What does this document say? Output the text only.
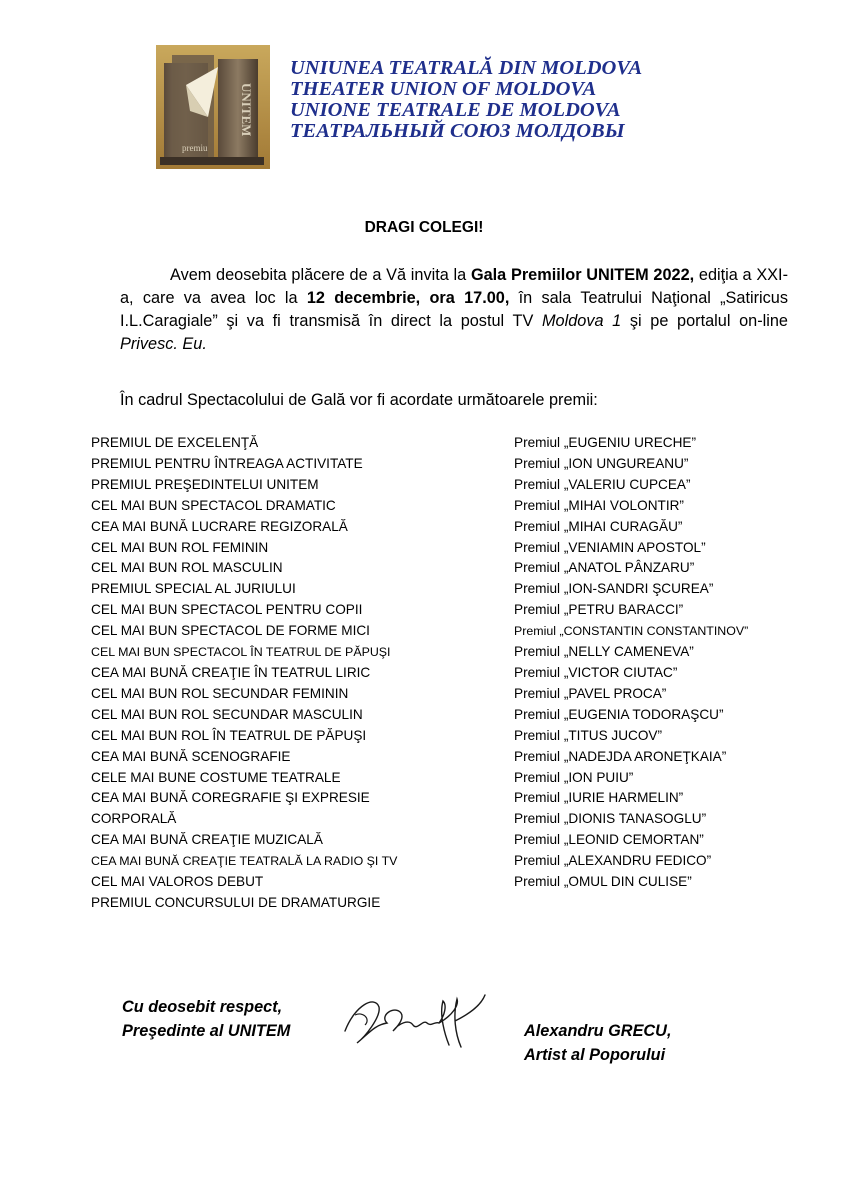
UNITEM
premiu
UNIUNEA TEATRALĂ DIN MOLDOVA
THEATER UNION OF MOLDOVA
UNIONE TEATRALE DE MOLDOVA
ТЕАТРАЛЬНЫЙ СОЮЗ МОЛДОВЫ
DRAGI COLEGI!
Avem deosebita plăcere de a Vă invita la Gala Premiilor UNITEM 2022, ediţia a XXI-a, care va avea loc la 12 decembrie, ora 17.00, în sala Teatrului Naţional „Satiricus I.L.Caragiale” şi va fi transmisă în direct la postul TV Moldova 1 şi pe portalul on-line Privesc. Eu.
În cadrul Spectacolului de Gală vor fi acordate următoarele premii:

PREMIUL DE EXCELENŢĂ

PREMIUL PENTRU ÎNTREAGA ACTIVITATE

PREMIUL PREŞEDINTELUI UNITEM

CEL MAI BUN SPECTACOL DRAMATIC

CEA MAI BUNĂ LUCRARE REGIZORALĂ

CEL MAI BUN ROL FEMININ

CEL MAI BUN ROL MASCULIN

PREMIUL SPECIAL AL JURIULUI

CEL MAI BUN SPECTACOL PENTRU COPII

CEL MAI BUN SPECTACOL DE FORME MICI

CEL MAI BUN SPECTACOL ÎN TEATRUL DE PĂPUŞI

CEA MAI BUNĂ CREAŢIE ÎN TEATRUL LIRIC

CEL MAI BUN ROL SECUNDAR FEMININ

CEL MAI BUN ROL SECUNDAR MASCULIN

CEL MAI BUN ROL ÎN TEATRUL DE PĂPUŞI

CEA MAI BUNĂ SCENOGRAFIE

CELE MAI BUNE COSTUME TEATRALE

CEA MAI BUNĂ COREGRAFIE ŞI EXPRESIE

CORPORALĂ

CEA MAI BUNĂ CREAŢIE MUZICALĂ

CEA MAI BUNĂ CREAŢIE TEATRALĂ LA RADIO ŞI TV

CEL MAI VALOROS DEBUT

PREMIUL CONCURSULUI DE DRAMATURGIE

Premiul „EUGENIU URECHE”

Premiul „ION UNGUREANU”

Premiul „VALERIU CUPCEA”

Premiul „MIHAI VOLONTIR”

Premiul „MIHAI CURAGĂU”

Premiul „VENIAMIN APOSTOL”

Premiul „ANATOL PÂNZARU”

Premiul „ION-SANDRI ŞCUREA”

Premiul „PETRU BARACCI”

Premiul „CONSTANTIN CONSTANTINOV”

Premiul „NELLY CAMENEVA”

Premiul „VICTOR CIUTAC”

Premiul „PAVEL PROCA”

Premiul „EUGENIA TODORAŞCU”

Premiul „TITUS JUCOV”

Premiul „NADEJDA ARONEŢKAIA”

Premiul „ION PUIU”

Premiul „IURIE HARMELIN”

Premiul „DIONIS TANASOGLU”

Premiul „LEONID CEMORTAN”

Premiul „ALEXANDRU FEDICO”

Premiul „OMUL DIN CULISE”

Cu deosebit respect,
Preşedinte al UNITEM	Alexandru GRECU,
Artist al Poporului
